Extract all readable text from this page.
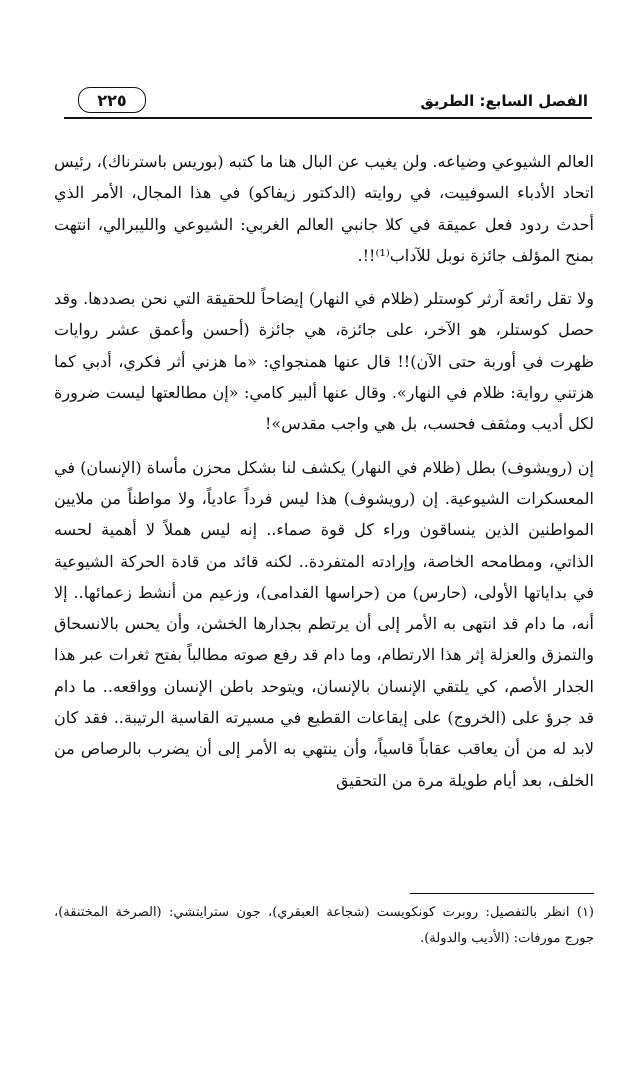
٢٢٥	الفصل السابع: الطريق

العالم الشيوعي وضياعه. ولن يغيب عن البال هنا ما كتبه (بوريس باسترناك)، رئيس اتحاد الأدباء السوفييت، في روايته (الدكتور زيفاكو) في هذا المجال، الأمر الذي أحدث ردود فعل عميقة في كلا جانبي العالم الغربي: الشيوعي والليبرالي، انتهت بمنح المؤلف جائزة نوبل للآداب⁽¹⁾!!.

ولا تقل رائعة آرثر كوستلر (ظلام في النهار) إيضاحاً للحقيقة التي نحن بصددها. وقد حصل كوستلر، هو الآخر، على جائزة، هي جائزة (أحسن وأعمق عشر روايات ظهرت في أوربة حتى الآن)!! قال عنها همنجواي: «ما هزني أثر فكري، أدبي كما هزتني رواية: ظلام في النهار». وقال عنها ألبير كامي: «إن مطالعتها ليست ضرورة لكل أديب ومثقف فحسب، بل هي واجب مقدس»!

إن (رويشوف) بطل (ظلام في النهار) يكشف لنا بشكل محزن مأساة (الإنسان) في المعسكرات الشيوعية. إن (رويشوف) هذا ليس فرداً عادياً، ولا مواطناً من ملايين المواطنين الذين ينساقون وراء كل قوة صماء.. إنه ليس هملاً لا أهمية لحسه الذاتي، ومطامحه الخاصة، وإرادته المتفردة.. لكنه قائد من قادة الحركة الشيوعية في بداياتها الأولى، (حارس) من (حراسها القدامى)، وزعيم من أنشط زعمائها.. إلا أنه، ما دام قد انتهى به الأمر إلى أن يرتطم بجدارها الخشن، وأن يحس بالانسحاق والتمزق والعزلة إثر هذا الارتطام، وما دام قد رفع صوته مطالباً بفتح ثغرات عبر هذا الجدار الأصم، كي يلتقي الإنسان بالإنسان، ويتوحد باطن الإنسان وواقعه.. ما دام قد جرؤ على (الخروج) على إيقاعات القطيع في مسيرته القاسية الرتيبة.. فقد كان لابد له من أن يعاقب عقاباً قاسياً، وأن ينتهي به الأمر إلى أن يضرب بالرصاص من الخلف، بعد أيام طويلة مرة من التحقيق

(١) انظر بالتفصيل: روبرت كونكويست (شجاعة العبقري)، جون سترايتشي: (الصرخة المختنقة)، جورج مورفات: (الأديب والدولة).
